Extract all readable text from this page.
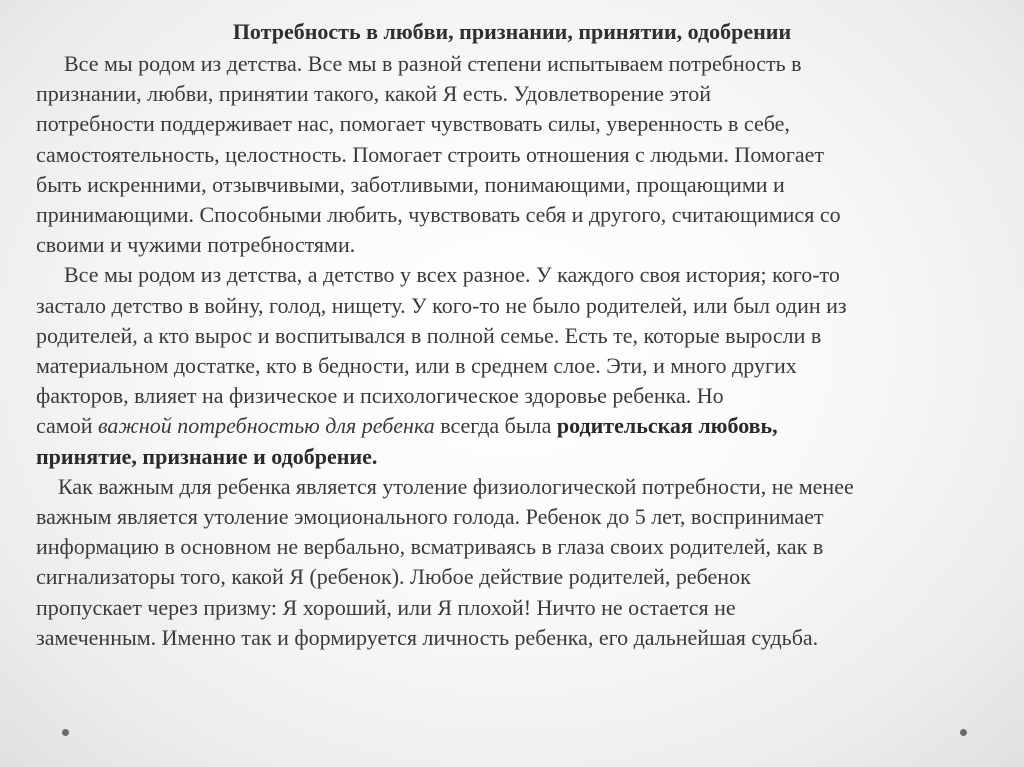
Потребность в любви, признании, принятии, одобрении
Все мы родом из детства. Все мы в разной степени испытываем потребность в
признании, любви, принятии такого, какой Я есть. Удовлетворение этой
потребности поддерживает нас, помогает чувствовать силы, уверенность в себе,
самостоятельность, целостность. Помогает строить отношения с людьми. Помогает
быть искренними, отзывчивыми, заботливыми, понимающими, прощающими и
принимающими. Способными любить, чувствовать себя и другого, считающимися со
своими и чужими потребностями.
Все мы родом из детства, а детство у всех разное. У каждого своя история; кого-то
застало детство в войну, голод, нищету. У кого-то не было родителей, или был один из
родителей, а кто вырос и воспитывался в полной семье. Есть те, которые выросли в
материальном достатке, кто в бедности, или в среднем слое. Эти, и много других
факторов, влияет на физическое и психологическое здоровье ребенка. Но
самой важной потребностью для ребенка всегда была родительская любовь,
принятие, признание и одобрение.
Как важным для ребенка является утоление физиологической потребности, не менее
важным является утоление эмоционального голода. Ребенок до 5 лет, воспринимает
информацию в основном не вербально, всматриваясь в глаза своих родителей, как в
сигнализаторы того, какой Я (ребенок). Любое действие родителей, ребенок
пропускает через призму: Я хороший, или Я плохой! Ничто не остается не
замеченным. Именно так и формируется личность ребенка, его дальнейшая судьба.
